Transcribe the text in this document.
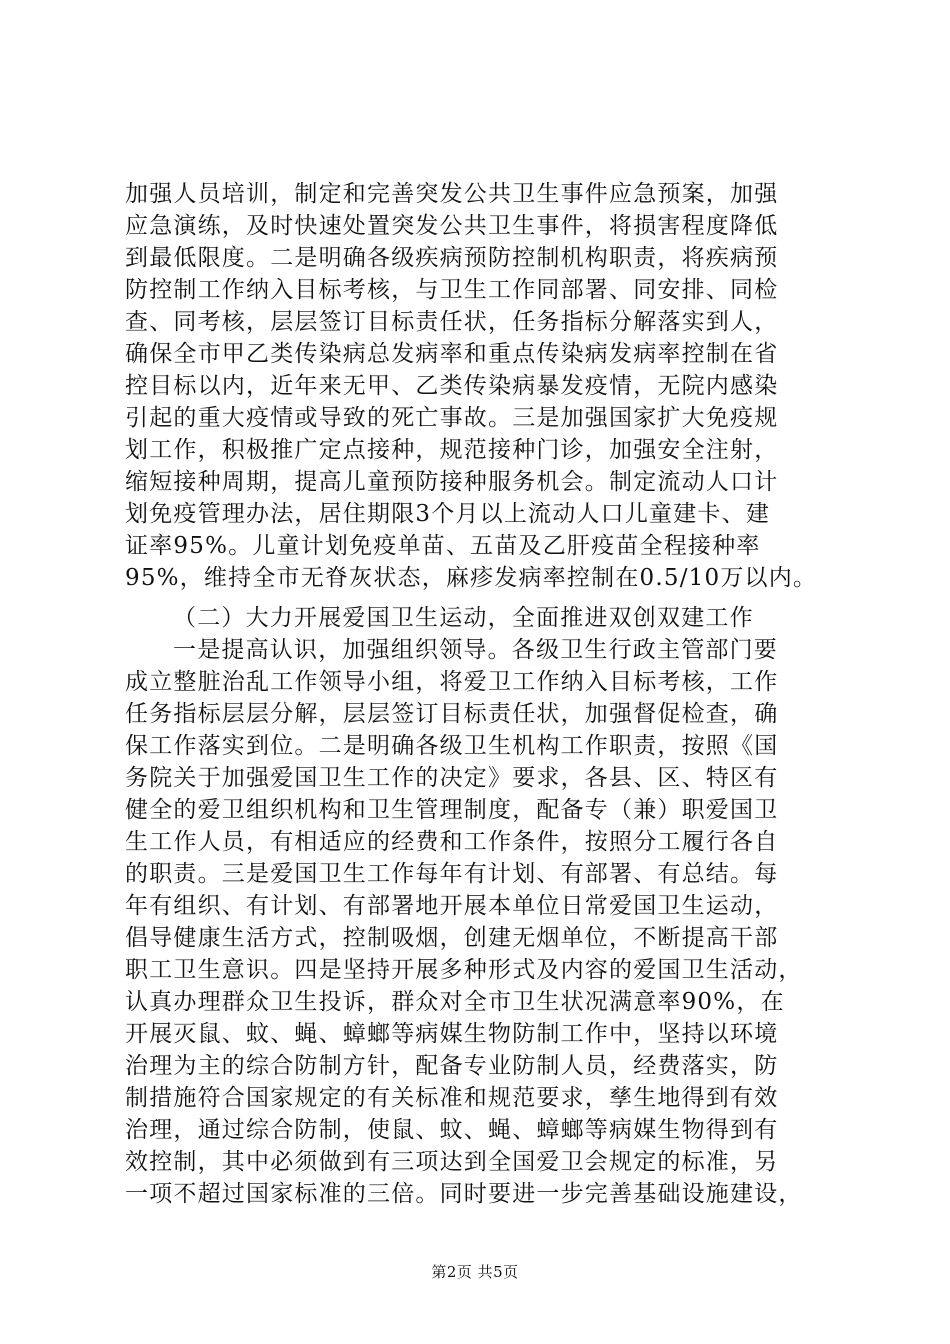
加强人员培训，制定和完善突发公共卫生事件应急预案，加强
应急演练，及时快速处置突发公共卫生事件，将损害程度降低
到最低限度。二是明确各级疾病预防控制机构职责，将疾病预
防控制工作纳入目标考核，与卫生工作同部署、同安排、同检
查、同考核，层层签订目标责任状，任务指标分解落实到人，
确保全市甲乙类传染病总发病率和重点传染病发病率控制在省
控目标以内，近年来无甲、乙类传染病暴发疫情，无院内感染
引起的重大疫情或导致的死亡事故。三是加强国家扩大免疫规
划工作，积极推广定点接种，规范接种门诊，加强安全注射，
缩短接种周期，提高儿童预防接种服务机会。制定流动人口计
划免疫管理办法，居住期限3个月以上流动人口儿童建卡、建
证率95%。儿童计划免疫单苗、五苗及乙肝疫苗全程接种率
95%，维持全市无脊灰状态，麻疹发病率控制在0.5/10万以内。
（二）大力开展爱国卫生运动，全面推进双创双建工作
一是提高认识，加强组织领导。各级卫生行政主管部门要
成立整脏治乱工作领导小组，将爱卫工作纳入目标考核，工作
任务指标层层分解，层层签订目标责任状，加强督促检查，确
保工作落实到位。二是明确各级卫生机构工作职责，按照《国
务院关于加强爱国卫生工作的决定》要求，各县、区、特区有
健全的爱卫组织机构和卫生管理制度，配备专（兼）职爱国卫
生工作人员，有相适应的经费和工作条件，按照分工履行各自
的职责。三是爱国卫生工作每年有计划、有部署、有总结。每
年有组织、有计划、有部署地开展本单位日常爱国卫生运动，
倡导健康生活方式，控制吸烟，创建无烟单位，不断提高干部
职工卫生意识。四是坚持开展多种形式及内容的爱国卫生活动，
认真办理群众卫生投诉，群众对全市卫生状况满意率90%，在
开展灭鼠、蚊、蝇、蟑螂等病媒生物防制工作中，坚持以环境
治理为主的综合防制方针，配备专业防制人员，经费落实，防
制措施符合国家规定的有关标准和规范要求，孳生地得到有效
治理，通过综合防制，使鼠、蚊、蝇、蟑螂等病媒生物得到有
效控制，其中必须做到有三项达到全国爱卫会规定的标准，另
一项不超过国家标准的三倍。同时要进一步完善基础设施建设，
第2页 共5页
